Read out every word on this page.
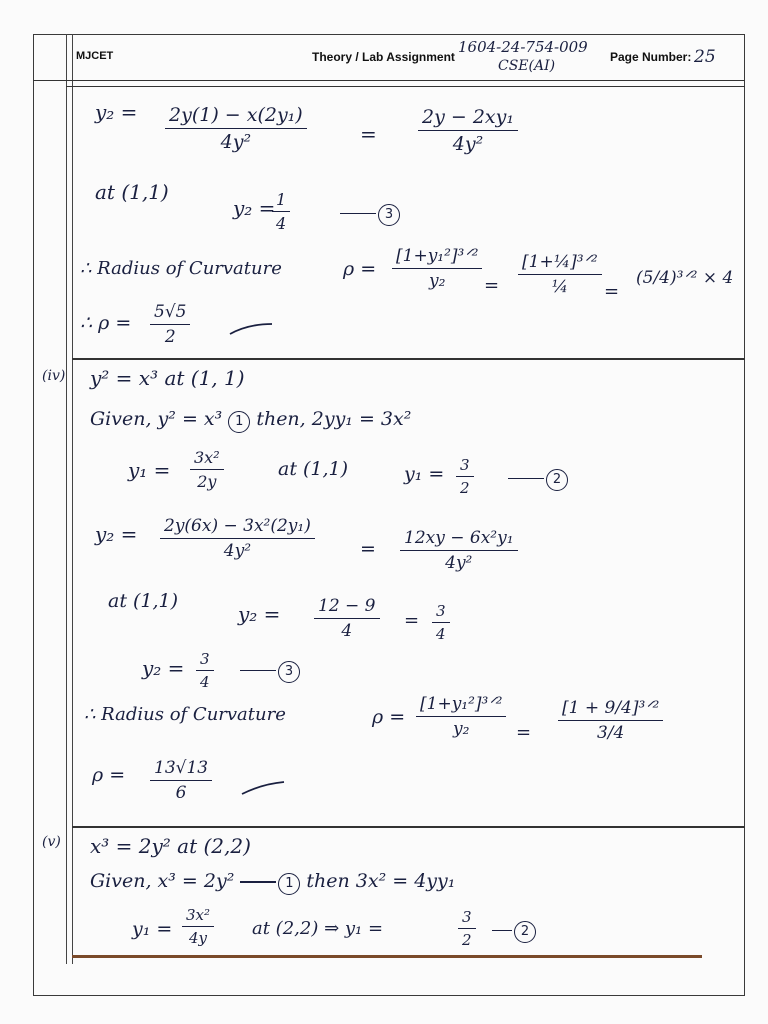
MJCET	Theory / Lab Assignment
1604-24-754-009
CSE(AI)
Page Number: 25
$y_2 = \frac{\text{2y(1) − x(2y₁)}}{\text{4y²}}$	= $\frac{\text{2y − 2xy₁}}{\text{4y²}}$
at (1,1)
y₂ =
$\frac{1}{4}$	3
∴ Radius of Curvature	ρ =
[1+y₁²]³ᐟ²
y₂	=
[1+¼]³ᐟ²
¼	=
(5/4)³ᐟ² × 4
∴ $\rho = \frac{5√5}{2}$
(iv) y² = x³ at (1, 1)
Given, y² = x³ 1 then, 2yy₁ = 3x²
$y_1 = \frac{\text{3x²}}{2y}$	at (1,1)	$y_1 = \frac{3}{2}$	2
$y_2 = \frac{\text{2y(6x) − 3x²(2y₁)}}{\text{4y²}} = \frac{\text{12xy − 6x²y₁}}{\text{4y²}}$
at (1,1)
$y_2 = \frac{12 - 9}{4} = \frac{3}{4}$
$y_2 = \frac{3}{4}$	3
∴ Radius of Curvature	ρ =
[1+y₁²]³ᐟ²
y₂	=
[1 + 9/4]³ᐟ²
3/4
$\rho = \frac{13√13}{6}$
(v) x³ = 2y² at (2,2)
Given, x³ = 2y²	1 then 3x² = 4yy₁
$y_1 = \frac{\text{3x²}}{4y}$ at (2,2) ⇒ y₁ =	$\frac{3}{2}$	2
